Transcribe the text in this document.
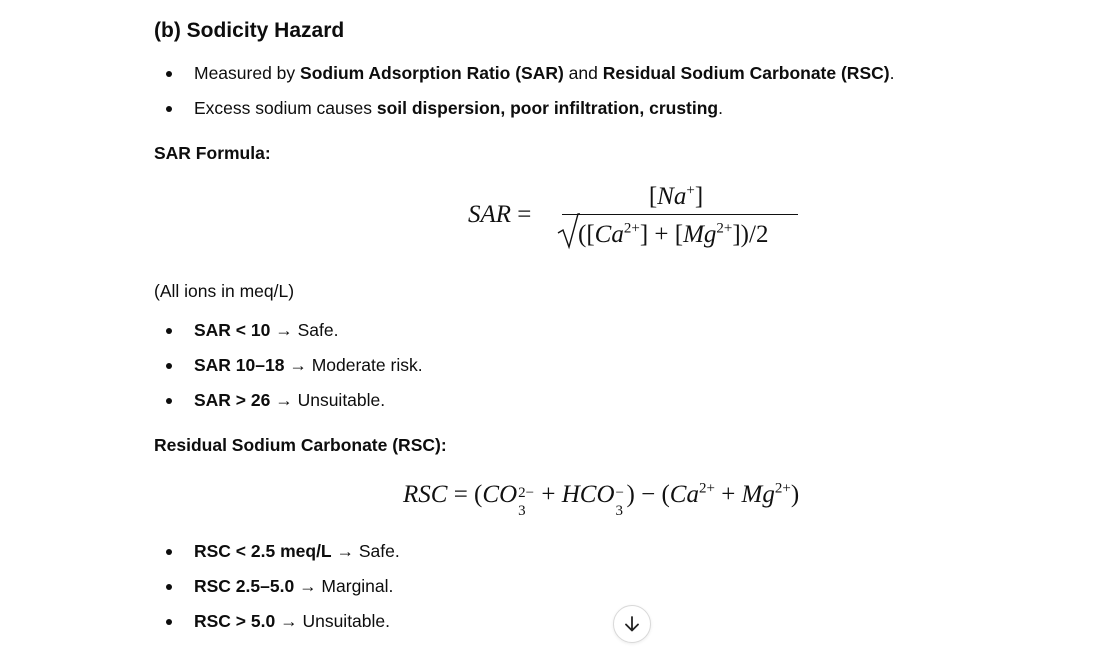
(b) Sodicity Hazard
Measured by Sodium Adsorption Ratio (SAR) and Residual Sodium Carbonate (RSC).
Excess sodium causes soil dispersion, poor infiltration, crusting.
SAR Formula:
SAR =
[Na+]
$([Ca^{2+}] + [Mg^{2+}])/2$
(All ions in meq/L)
SAR < 10 → Safe.
SAR 10–18 → Moderate risk.
SAR > 26 → Unsuitable.
Residual Sodium Carbonate (RSC):
RSC = (CO 2−
3
+ HCO −
3
) − $(Ca^{2+} + Mg^{2+})$
RSC < 2.5 meq/L → Safe.
RSC 2.5–5.0 → Marginal.
RSC > 5.0 → Unsuitable.
